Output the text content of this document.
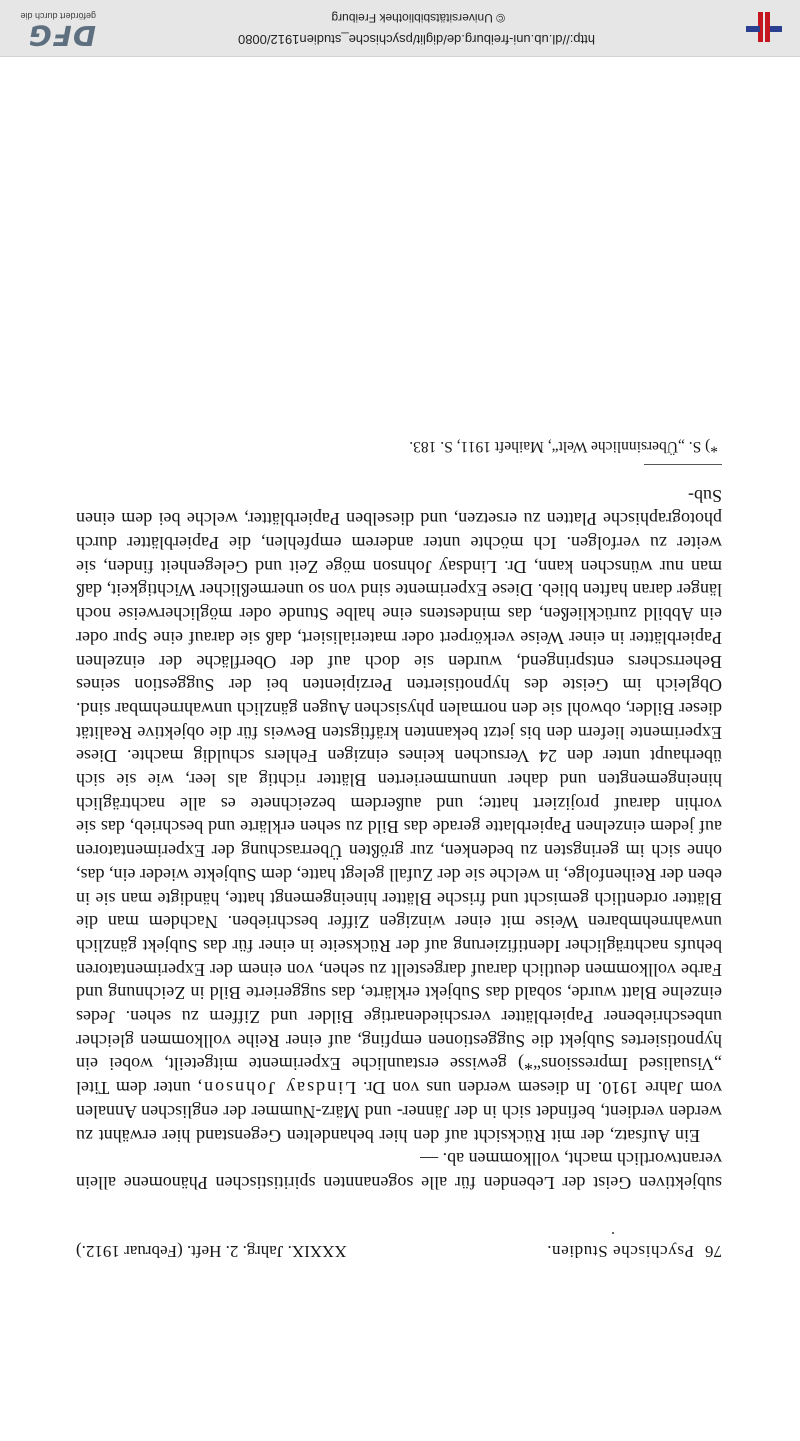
http://dl.ub.uni-freiburg.de/diglit/psychische_studien1912/0080
© Universitätsbibliothek Freiburg
DFG
gefördert durch die
76
Psychische Studien.
XXXIX. Jahrg. 2. Heft. (Februar 1912.)

subjektiven Geist der Lebenden für alle sogenannten spiritistischen Phänomene allein verantwortlich macht, vollkommen ab. —

Ein Aufsatz, der mit Rücksicht auf den hier behandelten Gegenstand hier erwähnt zu werden verdient, befindet sich in der Jänner- und März-Nummer der englischen Annalen vom Jahre 1910. In diesem werden uns von Dr. Lindsay Johnson, unter dem Titel „Visualised Impressions“*) gewisse erstaunliche Experimente mitgeteilt, wobei ein hypnotisiertes Subjekt die Suggestionen empfing, auf einer Reihe vollkommen gleicher unbeschriebener Papierblätter verschiedenartige Bilder und Ziffern zu sehen. Jedes einzelne Blatt wurde, sobald das Subjekt erklärte, das suggerierte Bild in Zeichnung und Farbe vollkommen deutlich darauf dargestellt zu sehen, von einem der Experimentatoren behufs nachträglicher Identifizierung auf der Rückseite in einer für das Subjekt gänzlich unwahrnehmbaren Weise mit einer winzigen Ziffer beschrieben. Nachdem man die Blätter ordentlich gemischt und frische Blätter hineingemengt hatte, händigte man sie in eben der Reihenfolge, in welche sie der Zufall gelegt hatte, dem Subjekte wieder ein, das, ohne sich im geringsten zu bedenken, zur größten Überraschung der Experimentatoren auf jedem einzelnen Papierblatte gerade das Bild zu sehen erklärte und beschrieb, das sie vorhin darauf projiziert hatte; und außerdem bezeichnete es alle nachträglich hineingemengten und daher unnummerierten Blätter richtig als leer, wie sie sich überhaupt unter den 24 Versuchen keines einzigen Fehlers schuldig machte. Diese Experimente liefern den bis jetzt bekannten kräftigsten Beweis für die objektive Realität dieser Bilder, obwohl sie den normalen physischen Augen gänzlich unwahrnehmbar sind. Obgleich im Geiste des hypnotisierten Perzipienten bei der Suggestion seines Beherrschers entspringend, wurden sie doch auf der Oberfläche der einzelnen Papierblätter in einer Weise verkörpert oder materialisiert, daß sie darauf eine Spur oder ein Abbild zurückließen, das mindestens eine halbe Stunde oder möglicherweise noch länger daran haften blieb. Diese Experimente sind von so unermeßlicher Wichtigkeit, daß man nur wünschen kann, Dr. Lindsay Johnson möge Zeit und Gelegenheit finden, sie weiter zu verfolgen. Ich möchte unter anderem empfehlen, die Papierblätter durch photographische Platten zu ersetzen, und dieselben Papierblätter, welche bei dem einen Sub-

*) S. „Übersinnliche Welt“, Maiheft 1911, S. 183.
